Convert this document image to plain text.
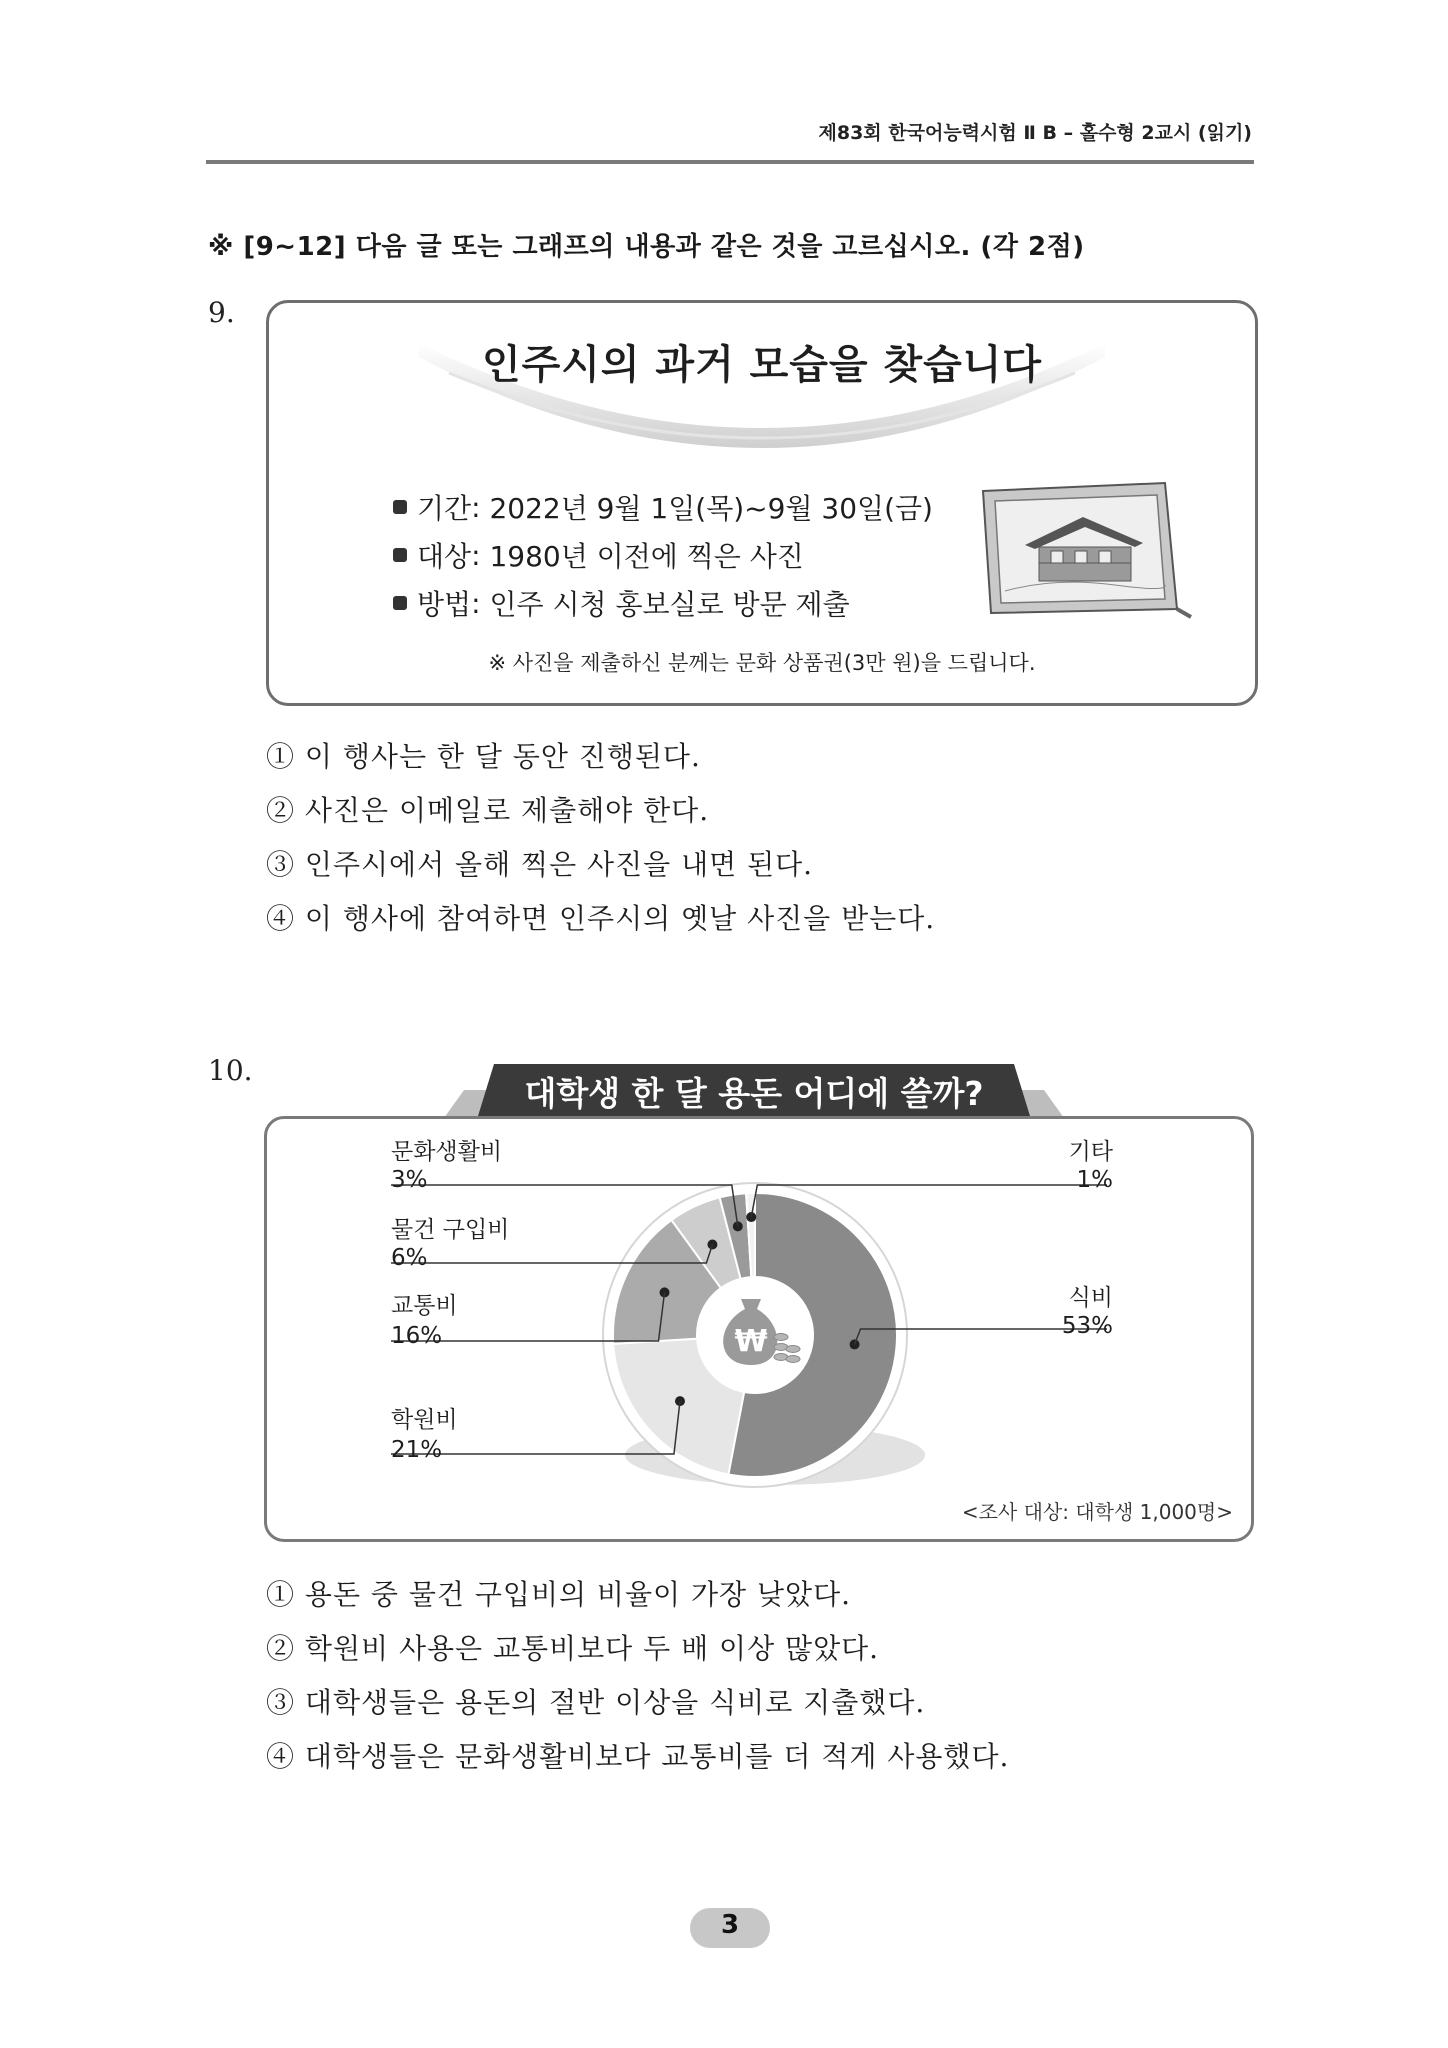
제83회 한국어능력시험 Ⅱ B – 홀수형 2교시 (읽기)
※ [9~12] 다음 글 또는 그래프의 내용과 같은 것을 고르십시오. (각 2점)
9.
인주시의 과거 모습을 찾습니다
기간 : 2022년 9월 1일(목)~9월 30일(금)
대상 : 1980년 이전에 찍은 사진
방법 : 인주 시청 홍보실로 방문 제출
※ 사진을 제출하신 분께는 문화 상품권(3만 원)을 드립니다.
① 이 행사는 한 달 동안 진행된다.
② 사진은 이메일로 제출해야 한다.
③ 인주시에서 올해 찍은 사진을 내면 된다.
④ 이 행사에 참여하면 인주시의 옛날 사진을 받는다.
10.
대학생 한 달 용돈 어디에 쓸까?
₩
식비
53%
학원비
21%
교통비
16%
물건 구입비
6%
문화생활비
3%
기타
1%
<조사 대상: 대학생 1,000명>
① 용돈 중 물건 구입비의 비율이 가장 낮았다.
② 학원비 사용은 교통비보다 두 배 이상 많았다.
③ 대학생들은 용돈의 절반 이상을 식비로 지출했다.
④ 대학생들은 문화생활비보다 교통비를 더 적게 사용했다.
3
